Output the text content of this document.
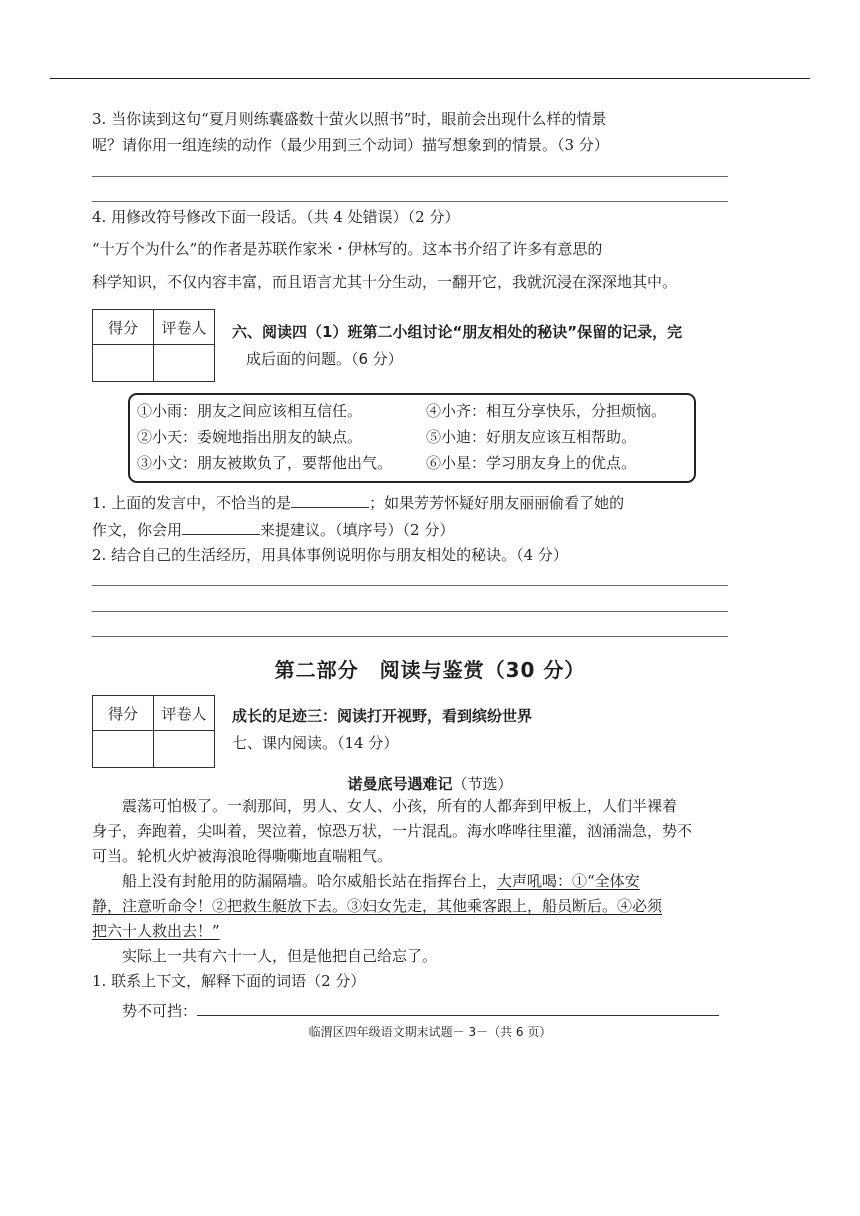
3. 当你读到这句“夏月则练囊盛数十萤火以照书”时，眼前会出现什么样的情景
呢？请你用一组连续的动作（最少用到三个动词）描写想象到的情景。（3 分）
4. 用修改符号修改下面一段话。（共 4 处错误）（2 分）
“十万个为什么”的作者是苏联作家米・伊林写的。这本书介绍了许多有意思的
科学知识，不仅内容丰富，而且语言尤其十分生动，一翻开它，我就沉浸在深深地其中。
得分	评卷人
	六、阅读四（1）班第二小组讨论“朋友相处的秘诀”保留的记录，完
成后面的问题。（6 分）
①小雨：朋友之间应该相互信任。
②小天：委婉地指出朋友的缺点。
③小文：朋友被欺负了，要帮他出气。
④小齐：相互分享快乐，分担烦恼。
⑤小迪：好朋友应该互相帮助。
⑥小星：学习朋友身上的优点。
1. 上面的发言中，不恰当的是	；如果芳芳怀疑好朋友丽丽偷看了她的
作文，你会用	来提建议。（填序号）（2 分）
2. 结合自己的生活经历，用具体事例说明你与朋友相处的秘诀。（4 分）
第二部分　阅读与鉴赏（30 分）
得分	评卷人
	成长的足迹三：阅读打开视野，看到缤纷世界
七、课内阅读。（14 分）
诺曼底号遇难记（节选）
　　震荡可怕极了。一刹那间，男人、女人、小孩，所有的人都奔到甲板上，人们半裸着
身子，奔跑着，尖叫着，哭泣着，惊恐万状，一片混乱。海水哗哗往里灌，汹涌湍急，势不
可当。轮机火炉被海浪呛得嘶嘶地直喘粗气。
　　船上没有封舱用的防漏隔墙。哈尔威船长站在指挥台上，大声吼喝：①“全体安
静，注意听命令！②把救生艇放下去。③妇女先走，其他乘客跟上，船员断后。④必须
把六十人救出去！”
　　实际上一共有六十一人，但是他把自己给忘了。
1. 联系上下文，解释下面的词语（2 分）
　　势不可挡：
临渭区四年级语文期末试题－ 3－（共 6 页）
